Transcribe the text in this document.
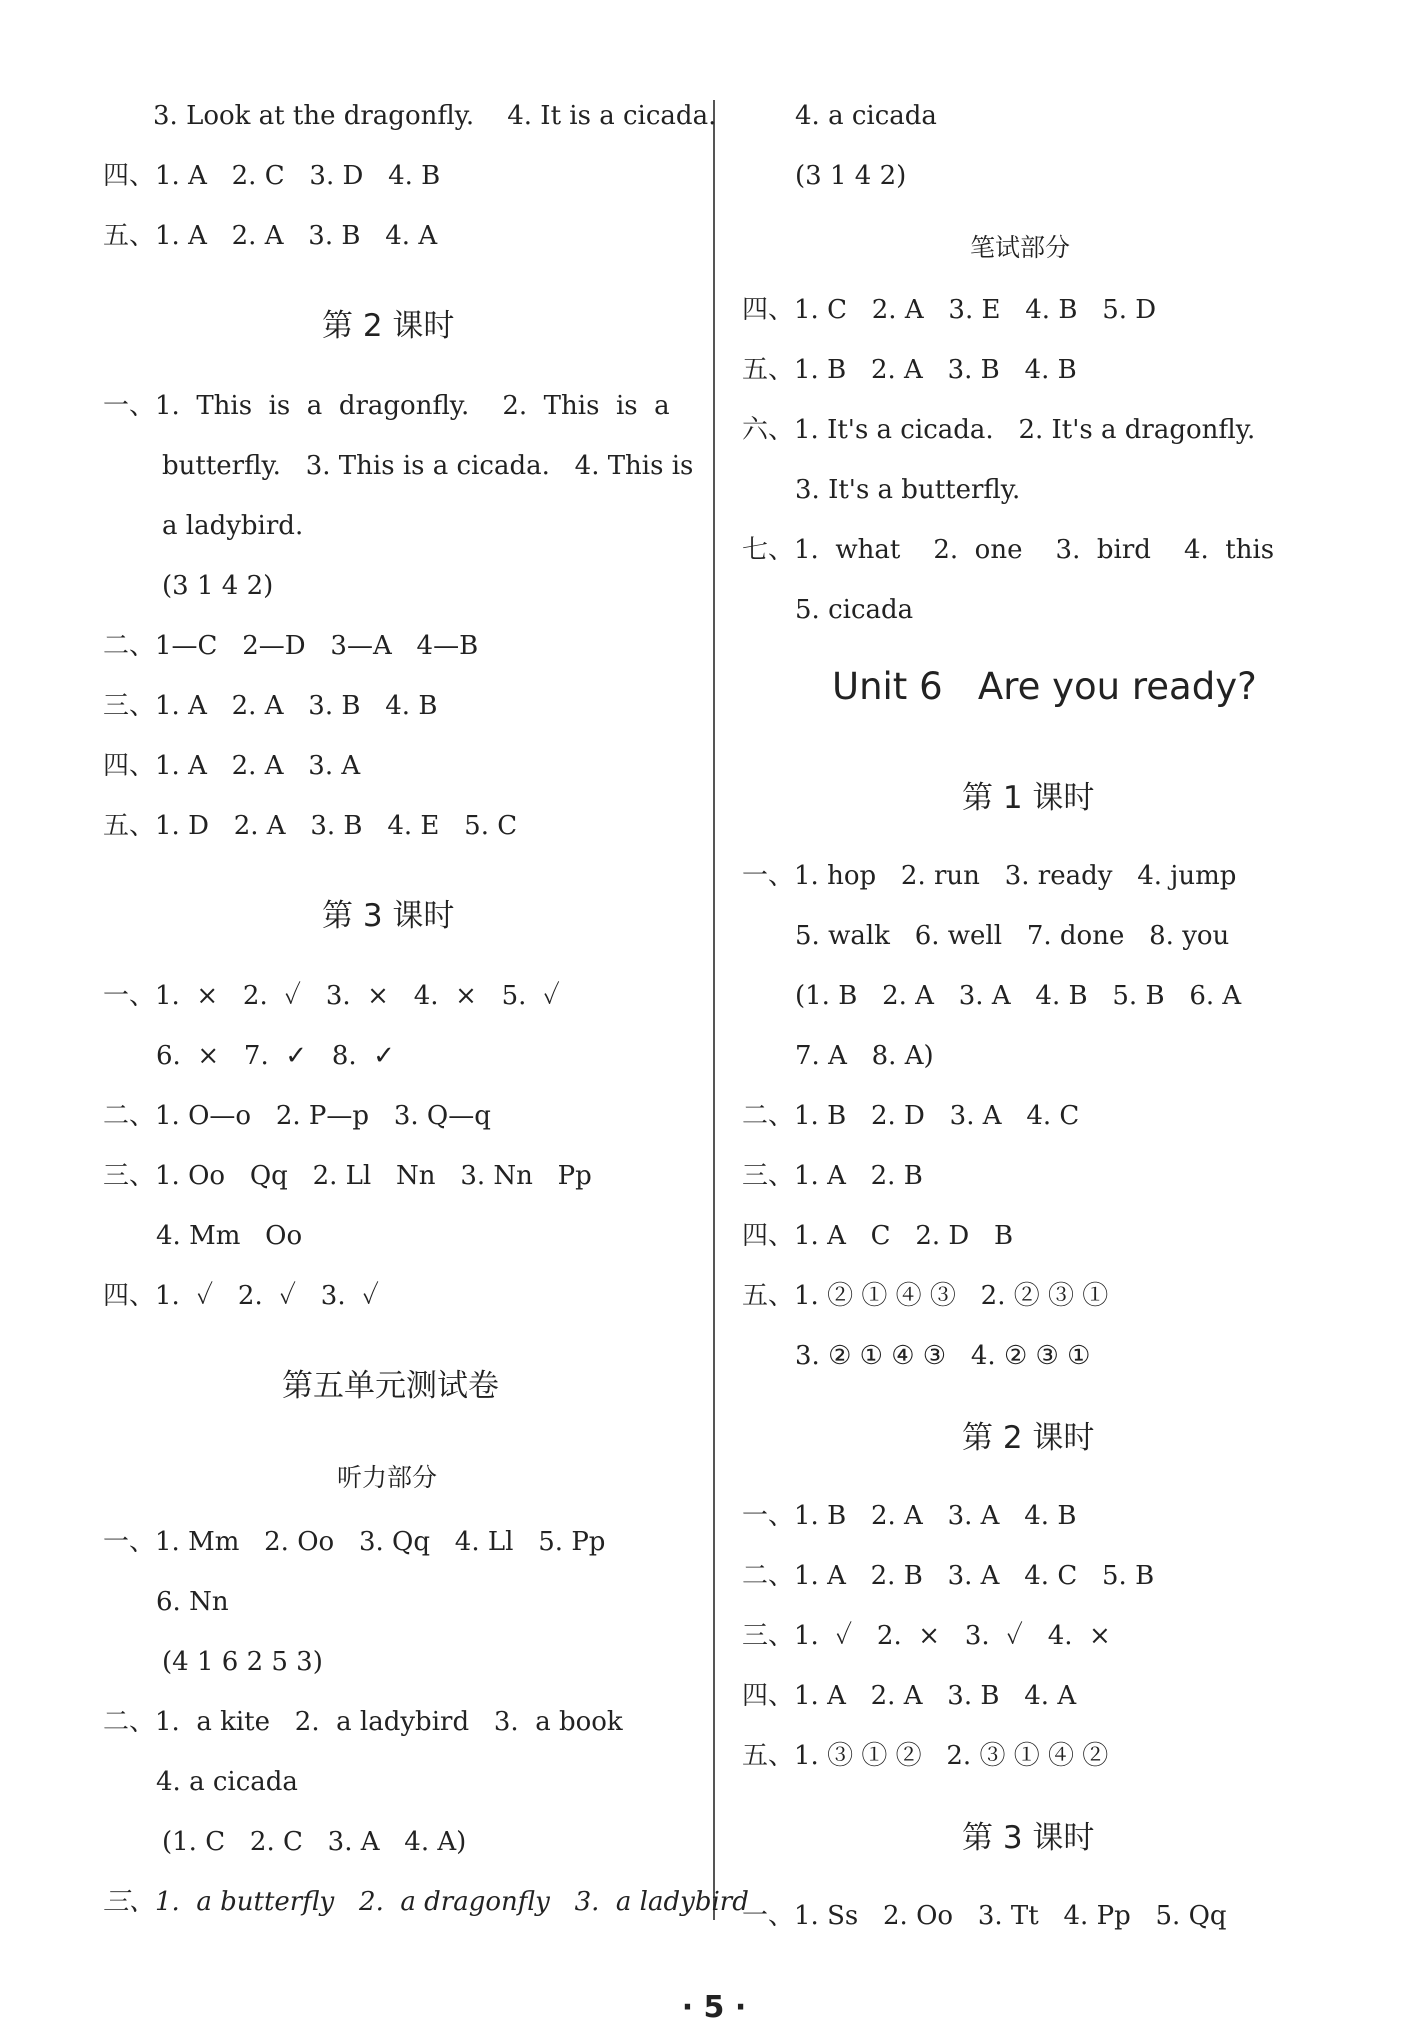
3. Look at the dragonfly.    4. It is a cicada.
四、1. A   2. C   3. D   4. B
五、1. A   2. A   3. B   4. A
第 2 课时
一、1.  This  is  a  dragonfly.    2.  This  is  a
butterfly.   3. This is a cicada.   4. This is
a ladybird.
(3 1 4 2)
二、1—C   2—D   3—A   4—B
三、1. A   2. A   3. B   4. B
四、1. A   2. A   3. A
五、1. D   2. A   3. B   4. E   5. C
第 3 课时
一、1.  ×   2.  ✓   3.  ×   4.  ×   5.  ✓
6.  ×   7.  ✓   8.  ✓
二、1. O—o   2. P—p   3. Q—q
三、1. Oo   Qq   2. Ll   Nn   3. Nn   Pp
4. Mm   Oo
四、1.  ✓   2.  ✓   3.  ✓
第五单元测试卷
听力部分
一、1. Mm   2. Oo   3. Qq   4. Ll   5. Pp
6. Nn
(4 1 6 2 5 3)
二、1.  a kite   2.  a ladybird   3.  a book
4. a cicada
(1. C   2. C   3. A   4. A)
三、1.  a butterfly   2.  a dragonfly   3.  a ladybird
4. a cicada
(3 1 4 2)
笔试部分
四、1. C   2. A   3. E   4. B   5. D
五、1. B   2. A   3. B   4. B
六、1. It's a cicada.   2. It's a dragonfly.
3. It's a butterfly.
七、1.  what    2.  one    3.  bird    4.  this
5. cicada
Unit 6   Are you ready?
第 1 课时
一、1. hop   2. run   3. ready   4. jump
5. walk   6. well   7. done   8. you
(1. B   2. A   3. A   4. B   5. B   6. A
7. A   8. A)
二、1. B   2. D   3. A   4. C
三、1. A   2. B
四、1. A   C   2. D   B
五、1. ② ① ④ ③   2. ② ③ ①
3. ② ① ④ ③   4. ② ③ ①
第 2 课时
一、1. B   2. A   3. A   4. B
二、1. A   2. B   3. A   4. C   5. B
三、1.  ✓   2.  ×   3.  ✓   4.  ×
四、1. A   2. A   3. B   4. A
五、1. ③ ① ②   2. ③ ① ④ ②
第 3 课时
一、1. Ss   2. Oo   3. Tt   4. Pp   5. Qq
· 5 ·
